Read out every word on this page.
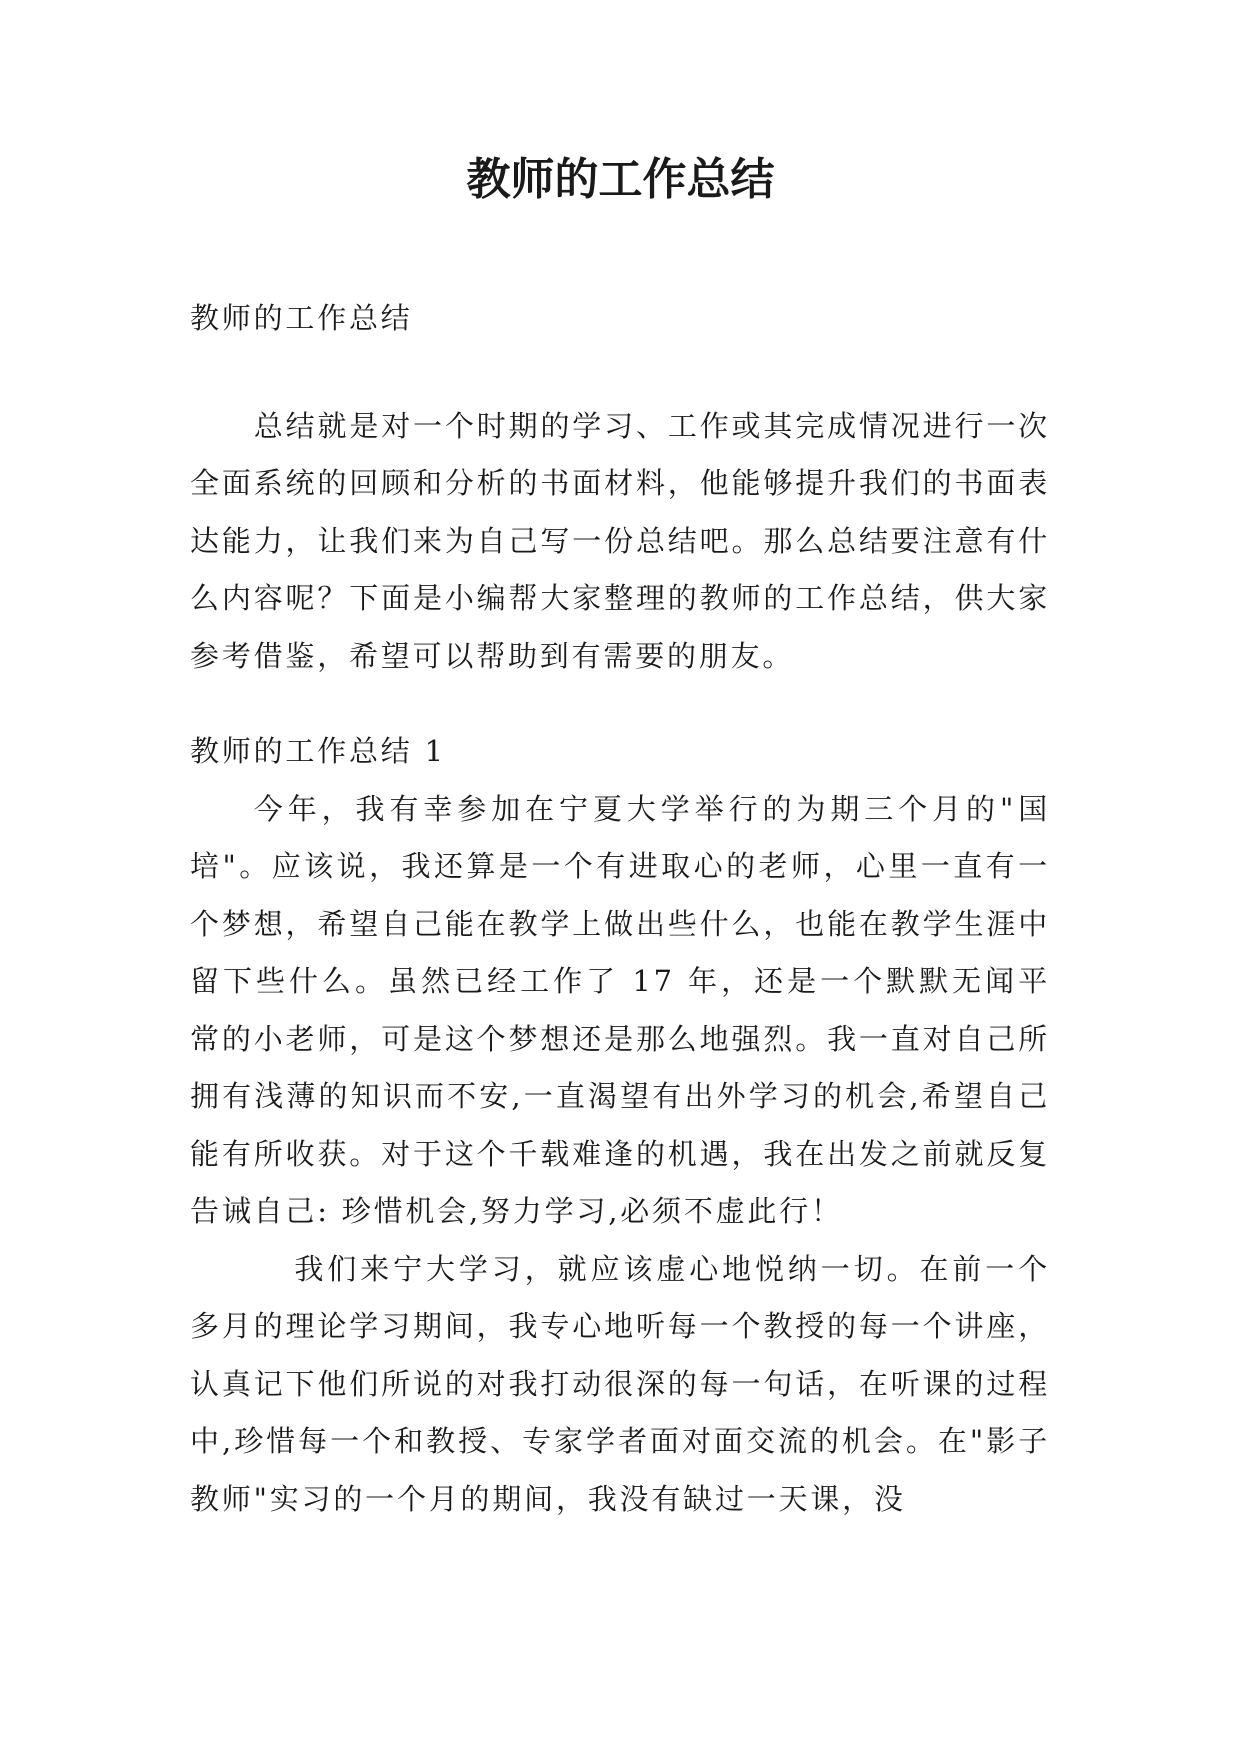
教师的工作总结

教师的工作总结

总结就是对一个时期的学习、工作或其完成情况进行一次全面系统的回顾和分析的书面材料，他能够提升我们的书面表达能力，让我们来为自己写一份总结吧。那么总结要注意有什么内容呢？下面是小编帮大家整理的教师的工作总结，供大家参考借鉴，希望可以帮助到有需要的朋友。

教师的工作总结 1

今年，我有幸参加在宁夏大学举行的为期三个月的"国培"。应该说，我还算是一个有进取心的老师，心里一直有一个梦想，希望自己能在教学上做出些什么，也能在教学生涯中留下些什么。虽然已经工作了 17 年，还是一个默默无闻平常的小老师，可是这个梦想还是那么地强烈。我一直对自己所拥有浅薄的知识而不安,一直渴望有出外学习的机会,希望自己能有所收获。对于这个千载难逢的机遇，我在出发之前就反复告诫自己: 珍惜机会,努力学习,必须不虚此行！

我们来宁大学习，就应该虚心地悦纳一切。在前一个多月的理论学习期间，我专心地听每一个教授的每一个讲座，认真记下他们所说的对我打动很深的每一句话，在听课的过程中,珍惜每一个和教授、专家学者面对面交流的机会。在"影子教师"实习的一个月的期间，我没有缺过一天课，没
